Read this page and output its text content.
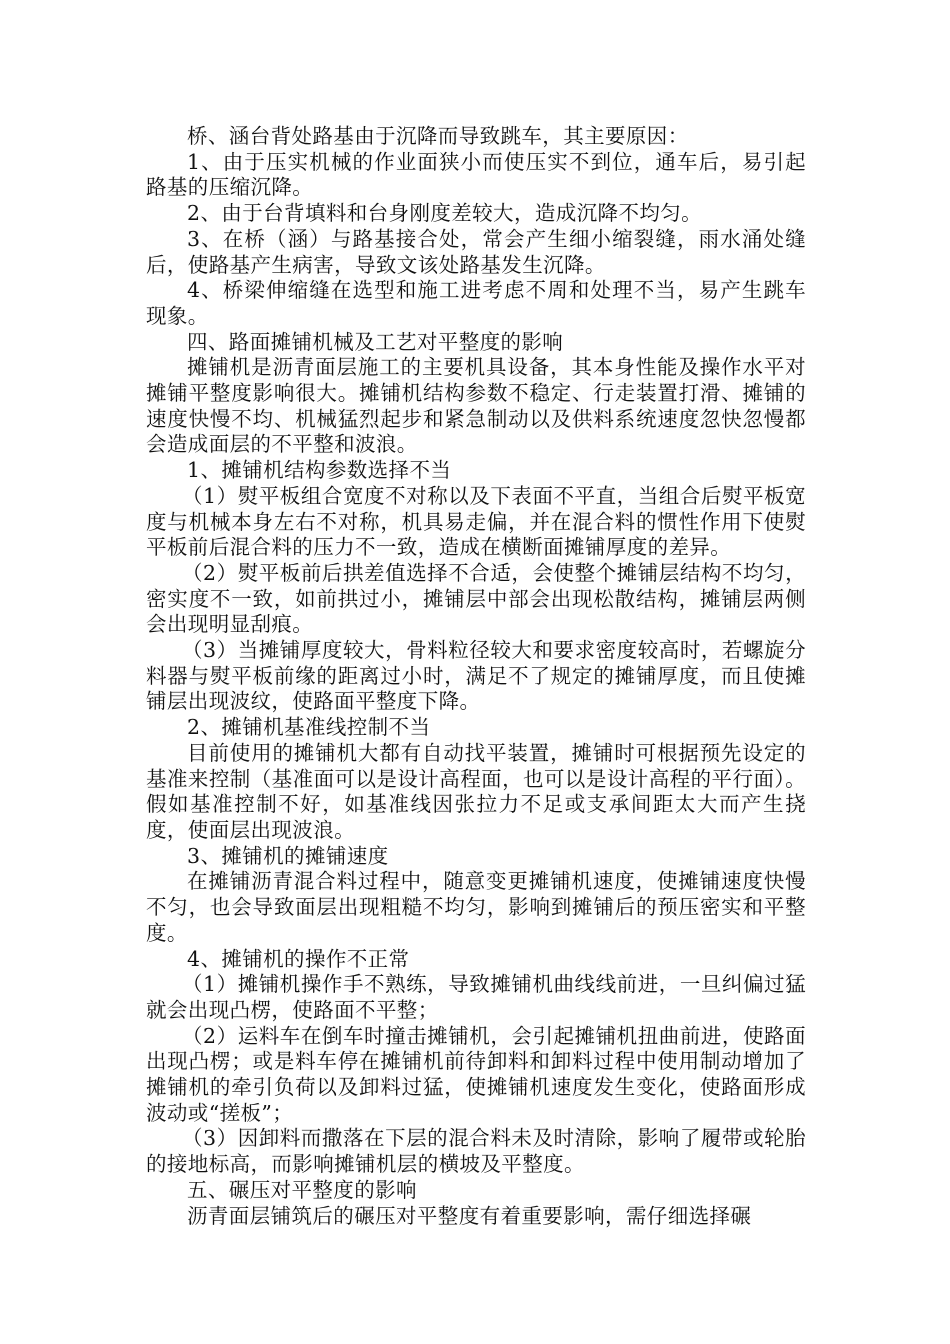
桥、涵台背处路基由于沉降而导致跳车，其主要原因：

1、由于压实机械的作业面狭小而使压实不到位，通车后，易引起路基的压缩沉降。

2、由于台背填料和台身刚度差较大，造成沉降不均匀。

3、在桥（涵）与路基接合处，常会产生细小缩裂缝，雨水涌处缝后，使路基产生病害，导致文该处路基发生沉降。

4、桥梁伸缩缝在选型和施工进考虑不周和处理不当，易产生跳车现象。

四、路面摊铺机械及工艺对平整度的影响

摊铺机是沥青面层施工的主要机具设备，其本身性能及操作水平对摊铺平整度影响很大。摊铺机结构参数不稳定、行走装置打滑、摊铺的速度快慢不均、机械猛烈起步和紧急制动以及供料系统速度忽快忽慢都会造成面层的不平整和波浪。

1、摊铺机结构参数选择不当

（1）熨平板组合宽度不对称以及下表面不平直，当组合后熨平板宽度与机械本身左右不对称，机具易走偏，并在混合料的惯性作用下使熨平板前后混合料的压力不一致，造成在横断面摊铺厚度的差异。

（2）熨平板前后拱差值选择不合适，会使整个摊铺层结构不均匀，密实度不一致，如前拱过小，摊铺层中部会出现松散结构，摊铺层两侧会出现明显刮痕。

（3）当摊铺厚度较大，骨料粒径较大和要求密度较高时，若螺旋分料器与熨平板前缘的距离过小时，满足不了规定的摊铺厚度，而且使摊铺层出现波纹，使路面平整度下降。

2、摊铺机基准线控制不当

目前使用的摊铺机大都有自动找平装置，摊铺时可根据预先设定的基准来控制（基准面可以是设计高程面，也可以是设计高程的平行面）。假如基准控制不好，如基准线因张拉力不足或支承间距太大而产生挠度，使面层出现波浪。

3、摊铺机的摊铺速度

在摊铺沥青混合料过程中，随意变更摊铺机速度，使摊铺速度快慢不匀，也会导致面层出现粗糙不均匀，影响到摊铺后的预压密实和平整度。

4、摊铺机的操作不正常

（1）摊铺机操作手不熟练，导致摊铺机曲线线前进，一旦纠偏过猛就会出现凸楞，使路面不平整；

（2）运料车在倒车时撞击摊铺机，会引起摊铺机扭曲前进，使路面出现凸楞；或是料车停在摊铺机前待卸料和卸料过程中使用制动增加了摊铺机的牵引负荷以及卸料过猛，使摊铺机速度发生变化，使路面形成波动或“搓板”；

（3）因卸料而撒落在下层的混合料未及时清除，影响了履带或轮胎的接地标高，而影响摊铺机层的横坡及平整度。

五、碾压对平整度的影响

沥青面层铺筑后的碾压对平整度有着重要影响，需仔细选择碾
